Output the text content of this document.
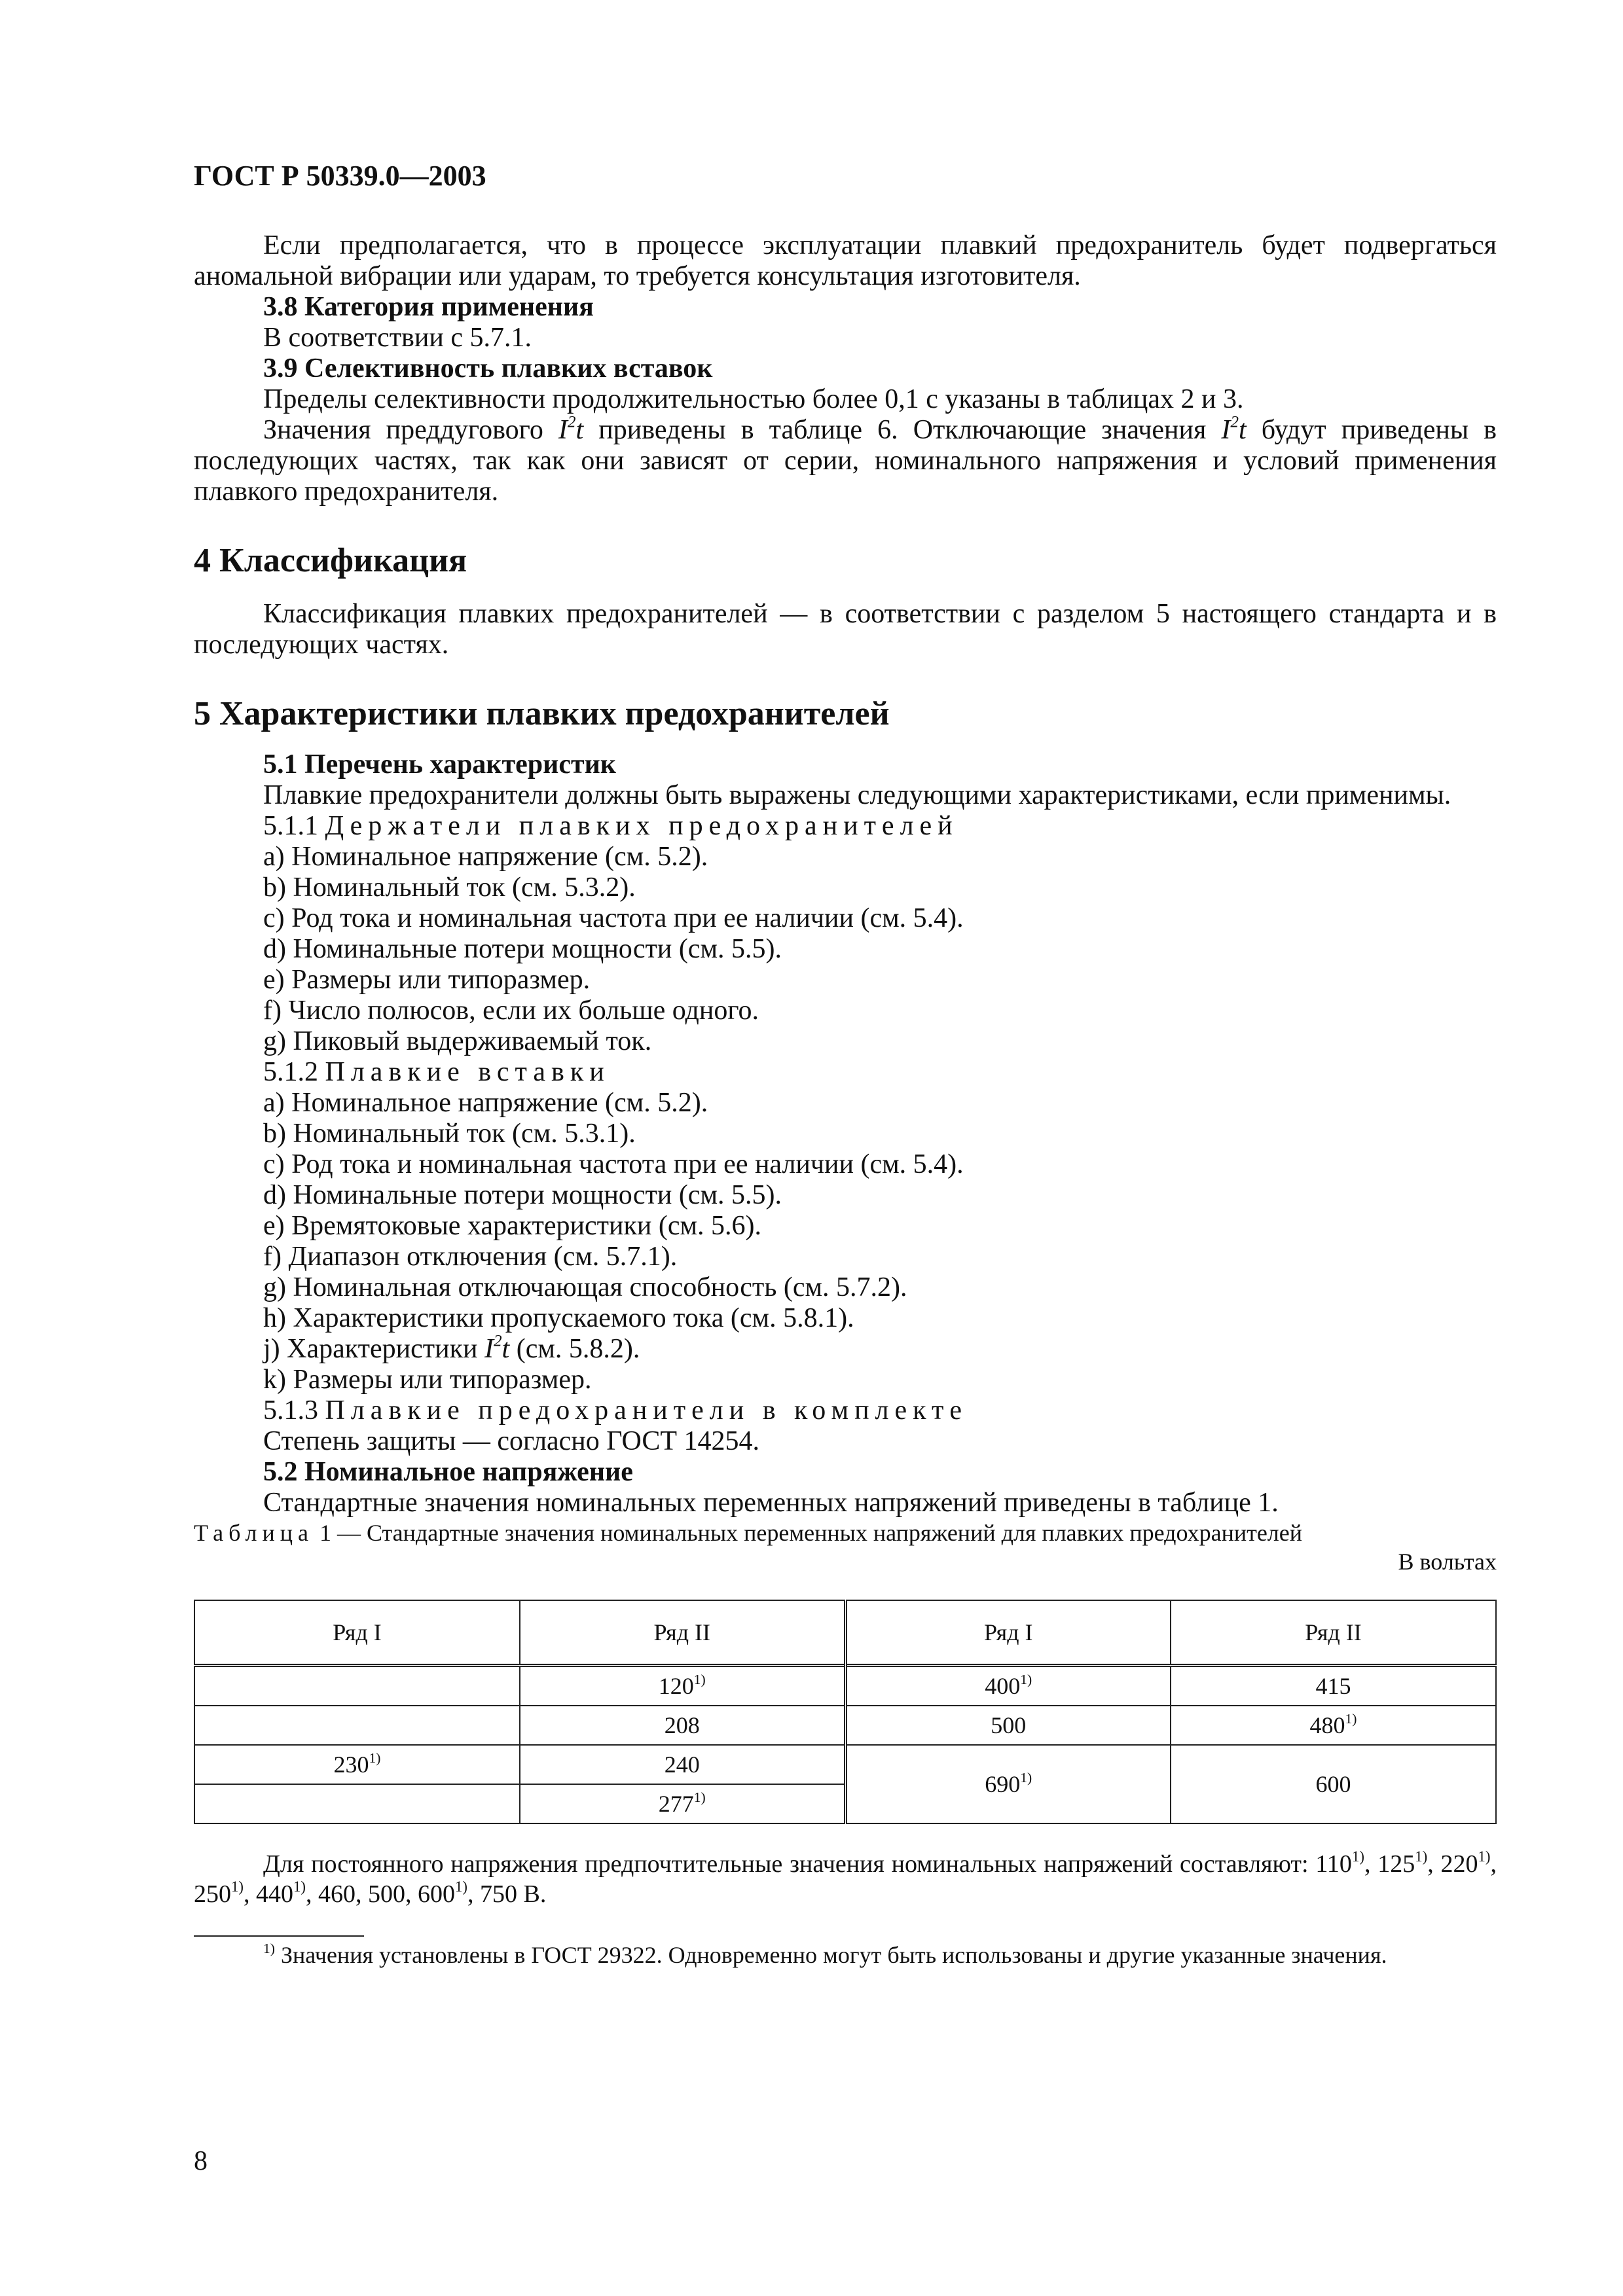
ГОСТ Р 50339.0—2003

Если предполагается, что в процессе эксплуатации плавкий предохранитель будет подвергаться аномальной вибрации или ударам, то требуется консультация изготовителя.

3.8 Категория применения

В соответствии с 5.7.1.

3.9 Селективность плавких вставок

Пределы селективности продолжительностью более 0,1 с указаны в таблицах 2 и 3.

Значения преддугового $I^2t$ приведены в таблице 6. Отключающие значения $I^2t$ будут приведены в последующих частях, так как они зависят от серии, номинального напряжения и условий применения плавкого предохранителя.

4 Классификация

Классификация плавких предохранителей — в соответствии с разделом 5 настоящего стандарта и в последующих частях.

5 Характеристики плавких предохранителей

5.1 Перечень характеристик

Плавкие предохранители должны быть выражены следующими характеристиками, если применимы.

5.1.1 Держатели плавких предохранителей

a) Номинальное напряжение (см. 5.2).

b) Номинальный ток (см. 5.3.2).

c) Род тока и номинальная частота при ее наличии (см. 5.4).

d) Номинальные потери мощности (см. 5.5).

e) Размеры или типоразмер.

f) Число полюсов, если их больше одного.

g) Пиковый выдерживаемый ток.

5.1.2 Плавкие вставки

a) Номинальное напряжение (см. 5.2).

b) Номинальный ток (см. 5.3.1).

c) Род тока и номинальная частота при ее наличии (см. 5.4).

d) Номинальные потери мощности (см. 5.5).

e) Времятоковые характеристики (см. 5.6).

f) Диапазон отключения (см. 5.7.1).

g) Номинальная отключающая способность (см. 5.7.2).

h) Характеристики пропускаемого тока (см. 5.8.1).

j) Характеристики $I^2t$ (см. 5.8.2).

k) Размеры или типоразмер.

5.1.3 Плавкие предохранители в комплекте

Степень защиты — согласно ГОСТ 14254.

5.2 Номинальное напряжение

Стандартные значения номинальных переменных напряжений приведены в таблице 1.

Таблица 1 — Стандартные значения номинальных переменных напряжений для плавких предохранителей

В вольтах

Ряд I	Ряд II	Ряд I	Ряд II
	120$^{1)}$	400$^{1)}$	415
	208	500	480$^{1)}$
230$^{1)}$	240	690$^{1)}$	600
	277$^{1)}$

Для постоянного напряжения предпочтительные значения номинальных напряжений составляют: 110$^{1)}$, 125$^{1)}$, 220$^{1)}$, 250$^{1)}$, 440$^{1)}$, 460, 500, 600$^{1)}$, 750 В.

$^{1)}$ Значения установлены в ГОСТ 29322. Одновременно могут быть использованы и другие указанные значения.

8
